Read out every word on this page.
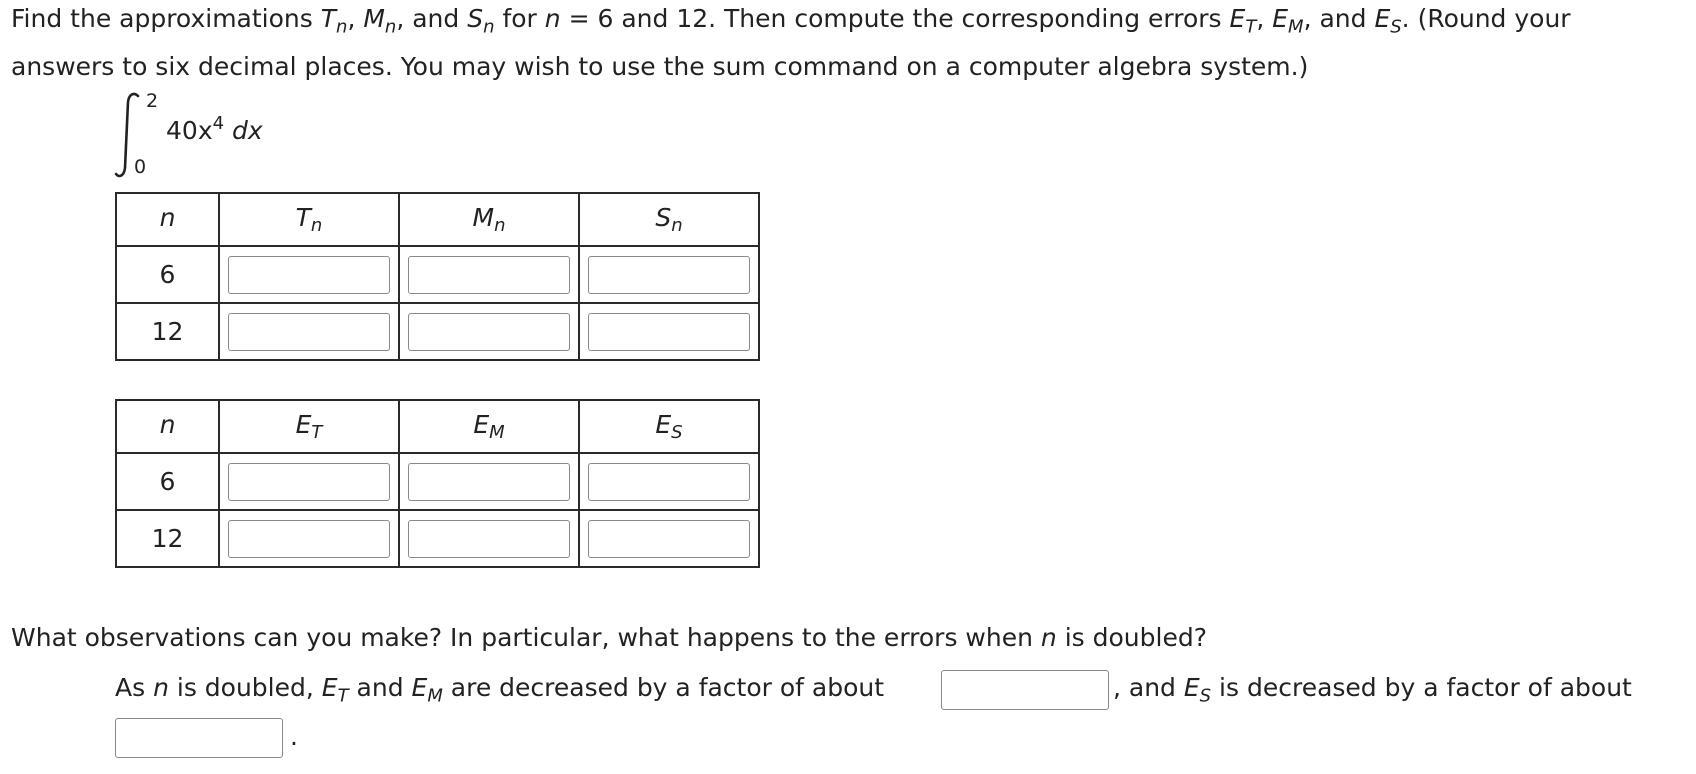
Find the approximations $T_n$, $M_n$, and $S_n$ for n = 6 and 12. Then compute the corresponding errors $E_T$, $E_M$, and $E_S$. (Round your
answers to six decimal places. You may wish to use the sum command on a computer algebra system.)
2
0
$40x^4$ dx
n	$T_n$	$M_n$	$S_n$
6	

12	

n	$E_T$	$E_M$	$E_S$
6	

12	

What observations can you make? In particular, what happens to the errors when n is doubled?
As n is doubled, $E_T$ and $E_M$ are decreased by a factor of about	, and $E_S$ is decreased by a factor of about
.
